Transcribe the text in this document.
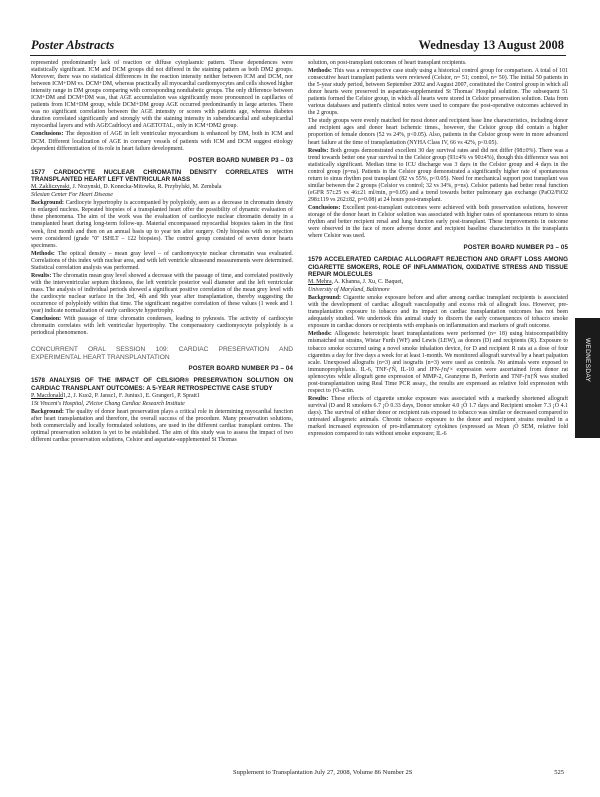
Poster Abstracts	Wednesday 13 August 2008

represented predominantly lack of reaction or diffuse cytoplasmic pattern. These dependences were statistically significant. ICM and DCM groups did not differed in the staining pattern as both DM2 groups. Moreover, there was no statistical differences in the reaction intensity neither between ICM and DCM, nor between ICM+DM vs. DCM+DM, whereas practically all myocardial cardiomyocytes and cells showed higher intensity range in DM groups comparing with corresponding nondiabetic groups. The only difference between ICM+DM and DCM+DM was, that AGE accumulation was significantly more pronounced in capillaries of patients from ICM+DM group, while DCM+DM group AGE occurred predominantly in large arteries. There was no significant correlation between the AGE intensity or scores with patients age, whereas diabetes duration correlated significantly and strongly with the staining intensity in subendocardial and subepicardial myocardial layers and with AGECadrlocyt and AGETOTAL, only in ICM+DM2 group.

Conclusions: The deposition of AGE in left ventricular myocardium is enhanced by DM, both in ICM and DCM. Different localization of AGE in coronary vessels of patients with ICM and DCM suggest etiology dependent differentiation of its role in heart failure development.

POSTER BOARD NUMBER P3 – 03
1577 CARDIOCYTE NUCLEAR CHROMATIN DENSITY CORRELATES WITH TRANSPLANTED HEART LEFT VENTRICULAR MASS

M. Zakliczynski, J. Nozynski, D. Konecka-Mitowka, R. Przybylski, M. Zembala

Silesian Center For Heart Disease

Background: Cardiocyte hypertrophy is accompanied by polyploidy, seen as a decrease in chromatin density in enlarged nucleus. Repeated biopsies of a transplanted heart offer the possibility of dynamic evaluation of these phenomena. The aim of the work was the evaluation of cardiocyte nuclear chromatin density in a transplanted heart during long-term follow-up. Material encompassed myocardial biopsies taken in the first week, first month and then on an annual basis up to year ten after surgery. Only biopsies with no rejection were considered (grade "0" ISHLT – 122 biopsies). The control group consisted of seven donor hearts specimens.

Methods: The optical density – mean gray level – of cardiomyocyte nuclear chromatin was evaluated. Correlations of this index with nuclear area, and with left ventricle ultrasound measurements were determined. Statistical correlation analysis was performed.

Results: The chromatin mean gray level showed a decrease with the passage of time, and correlated positively with the interventricular septum thickness, the left ventricle posterior wall diameter and the left ventricular mass. The analysis of individual periods showed a significant positive correlation of the mean grey level with the cardiocyte nuclear surface in the 3rd, 4th and 9th year after transplantation, thereby suggesting the occurrence of polyploidy within that time. The significant negative correlation of these values (1 week and 1 year) indicate normalization of early cardiocyte hypertrophy.

Conclusion: With passage of time chromatin condenses, leading to pyknosis. The activity of cardiocyte chromatin correlates with left ventricular hypertrophy. The compensatory cardiomyocyte polyploidy is a periodical phenomenon.

CONCURRENT ORAL SESSION 109: CARDIAC PRESERVATION AND EXPERIMENTAL HEART TRANSPLANTATION
POSTER BOARD NUMBER P3 – 04
1578 ANALYSIS OF THE IMPACT OF CELSIOR® PRESERVATION SOLUTION ON CARDIAC TRANSPLANT OUTCOMES: A 5-YEAR RETROSPECTIVE CASE STUDY

P. Macdonald1,2, J. Kuo2, P. Jansz1, F. Junius1, E. Granger1, P. Spratt1

1St Vincent's Hospital, 2Victor Chang Cardiac Research Institute

Background: The quality of donor heart preservation plays a critical role in determining myocardial function after heart transplantation and therefore, the overall success of the procedure. Many preservation solutions, both commercially and locally formulated solutions, are used in the different cardiac transplant centres. The optimal preservation solution is yet to be established. The aim of this study was to assess the impact of two different cardiac preservation solutions, Celsior and aspartate-supplemented St Thomas

solution, on post-transplant outcomes of heart transplant recipients.

Methods: This was a retrospective case study using a historical control group for comparison. A total of 101 consecutive heart transplant patients were reviewed (Celsior, n= 51; control, n= 50). The initial 50 patients in the 5-year study period, between September 2002 and August 2007, constituted the Control group in which all donor hearts were preserved in aspartate-supplemented St Thomas' Hospital solution. The subsequent 51 patients formed the Celsior group, in which all hearts were stored in Celsior preservation solution. Data from various databases and patient's clinical notes were used to compare the post-operative outcomes achieved in the 2 groups.

The study groups were evenly matched for most donor and recipient base line characteristics, including donor and recipient ages and donor heart ischemic times., however, the Celsior group did contain a higher proportion of female donors (52 vs 24%, p<0.05). Also, patients in the Celsior group were in more advanced heart failure at the time of transplantation (NYHA Class IV, 66 vs 42%, p<0.05).

Results: Both groups demonstrated excellent 30 day survival rates and did not differ (98±0%). There was a trend towards better one year survival in the Celsior group (93±4% vs 90±4%), though this difference was not statistically significant. Median time to ICU discharge was 3 days in the Celsior group and 4 days in the control group (p=ns). Patients in the Celsior group demonstrated a significantly higher rate of spontaneous return to sinus rhythm post transplant (82 vs 55%, p<0.05). Need for mechanical support post transplant was similar between the 2 groups (Celsior vs control; 32 vs 34%, p=ns). Celsior patients had better renal function (eGFR 57±25 vs 46±21 ml/min, p=0.05) and a trend towards better pulmonary gas exchange (PaO2/FiO2 298±119 vs 262±82, p=0.08) at 24 hours post-transplant.

Conclusions: Excellent post-transplant outcomes were achieved with both preservation solutions, however storage of the donor heart in Celsior solution was associated with higher rates of spontaneous return to sinus rhythm and better recipient renal and lung function early post-transplant. These improvements in outcome were observed in the face of more adverse donor and recipient baseline characteristics in the transplants where Celsior was used.

POSTER BOARD NUMBER P3 – 05
1579 ACCELERATED CARDIAC ALLOGRAFT REJECTION AND GRAFT LOSS AMONG CIGARETTE SMOKERS, ROLE OF INFLAMMATION, OXIDATIVE STRESS AND TISSUE REPAIR MOLECULES

M. Mehra, A. Khanna, J. Xu, C. Baquet,

University of Maryland, Baltimore

Background: Cigarette smoke exposure before and after among cardiac transplant recipients is associated with the development of cardiac allograft vasculopathy and excess risk of allograft loss. However, pre-transplantation exposure to tobacco and its impact on cardiac transplantation outcomes has not been adequately studied. We undertook this animal study to discern the early consequences of tobacco smoke exposure in cardiac donors or recipients with emphasis on inflammation and markers of graft outcome.

Methods: Allogeneic heterotopic heart transplantations were performed (n= 18) using histocompatibility mismatched rat strains, Wistar Furth (WF) and Lewis (LEW), as donors (D) and recipients (R). Exposure to tobacco smoke occurred using a novel smoke inhalation device, for D and recipient R rats at a dose of four cigarettes a day for five days a week for at least 1-month. We monitored allograft survival by a heart palpation scale. Unexposed allografts (n=3) and isografts (n=3) were used as controls. No animals were exposed to immunoprophylaxis. IL-6, TNF-ƒÑ, IL-10 and IFN-ƒnƒ× expression were ascertained from donor rat splenocytes while allograft gene expression of MMP-2, Granzyme B, Perforin and TNF-ƒnƒÑ was studied post-transplantation using Real Time PCR assay., the results are expressed as relative fold expression with respect to ƒÒ-actin.

Results: These effects of cigarette smoke exposure was associated with a markedly shortened allograft survival (D and R smokers 6.7 ¡Ó 0.33 days, Donor smoker 4.0 ¡Ó 1.7 days and Recipient smoker 7.3 ¡Ó 4.1 days). The survival of either donor or recipient rats exposed to tobacco was similar or decreased compared to untreated allogeneic animals. Chronic tobacco exposure to the donor and recipient strains resulted in a marked increased expression of pro-inflammatory cytokines (expressed as Mean ¡Ó SEM, relative fold expression compared to rats without smoke exposure; IL-6

WEDNESDAY
Supplement to Transplantation July 27, 2008, Volume 86 Number 2S	525
